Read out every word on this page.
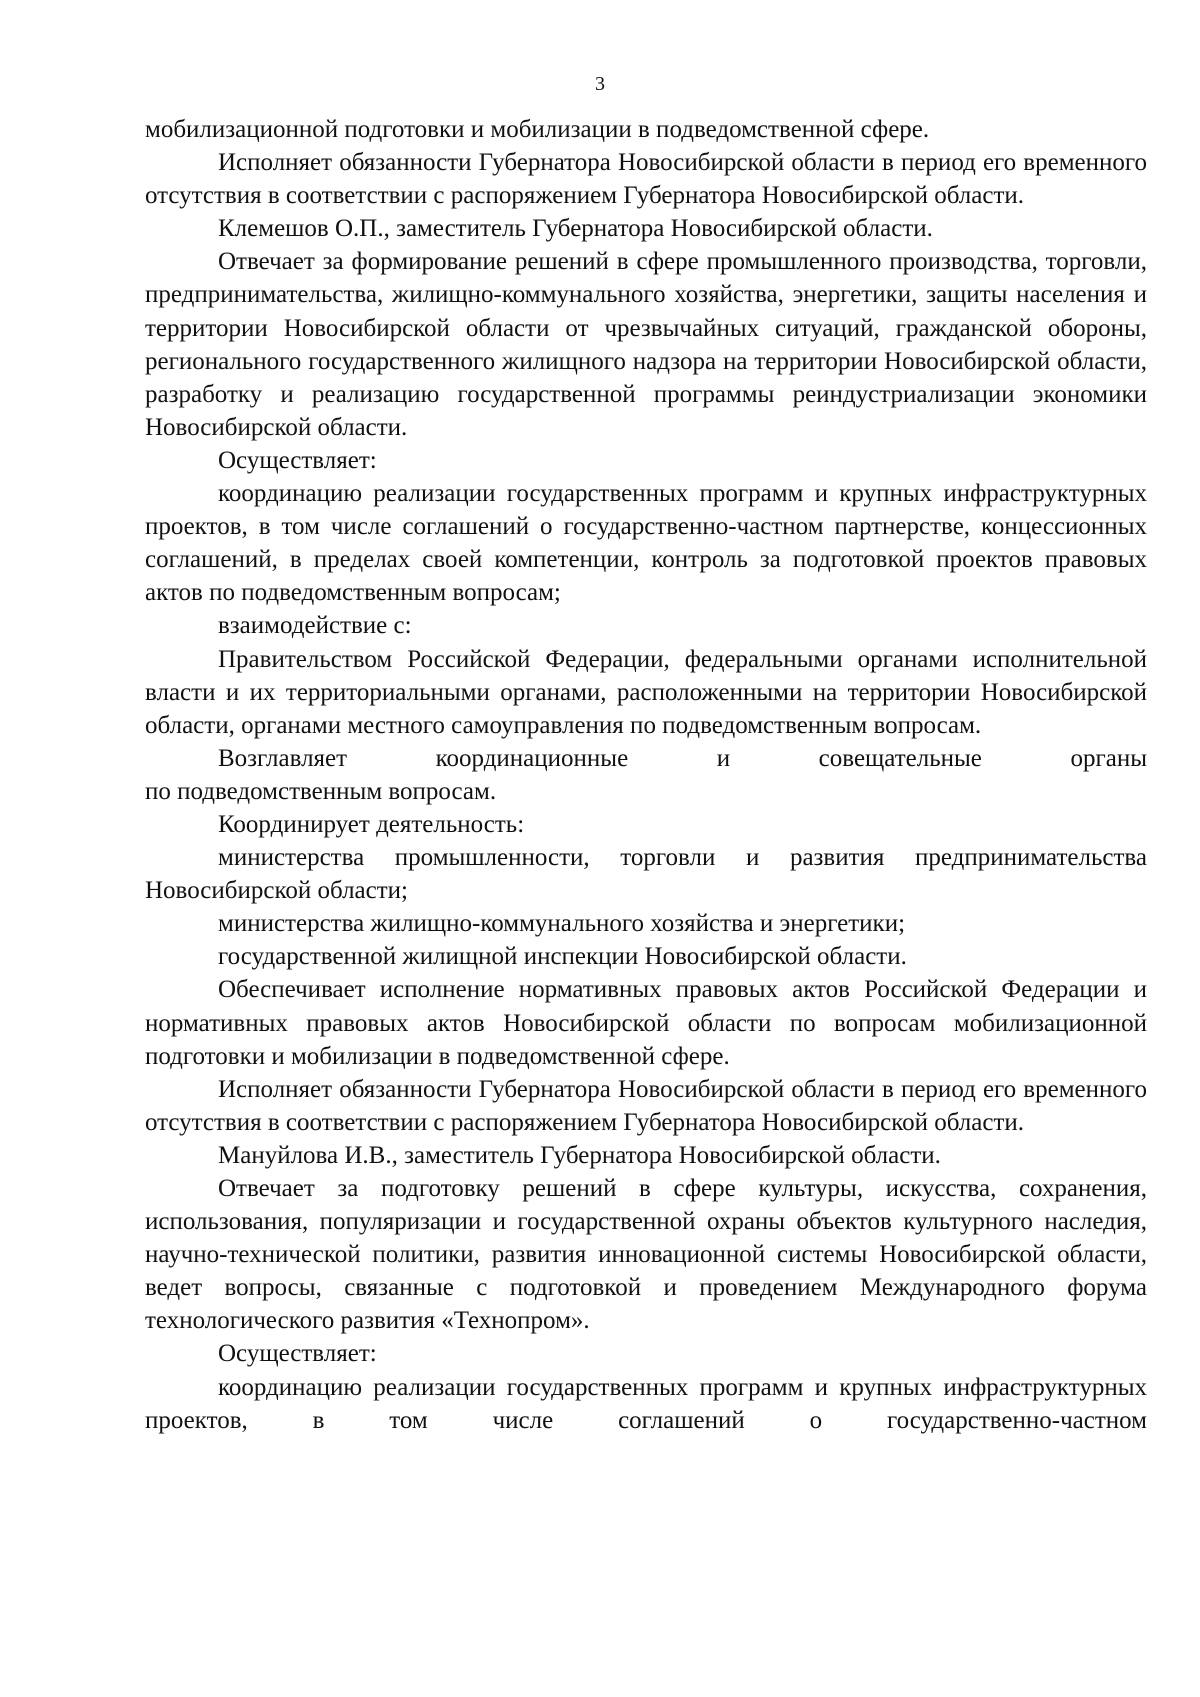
3

мобилизационной подготовки и мобилизации в подведомственной сфере.

Исполняет обязанности Губернатора Новосибирской области в период его временного отсутствия в соответствии с распоряжением Губернатора Новосибирской области.

Клемешов О.П., заместитель Губернатора Новосибирской области.

Отвечает за формирование решений в сфере промышленного производства, торговли, предпринимательства, жилищно-коммунального хозяйства, энергетики, защиты населения и территории Новосибирской области от чрезвычайных ситуаций, гражданской обороны, регионального государственного жилищного надзора на территории Новосибирской области, разработку и реализацию государственной программы реиндустриализации экономики Новосибирской области.

Осуществляет:

координацию реализации государственных программ и крупных инфраструктурных проектов, в том числе соглашений о государственно-частном партнерстве, концессионных соглашений, в пределах своей компетенции, контроль за подготовкой проектов правовых актов по подведомственным вопросам;

взаимодействие с:

Правительством Российской Федерации, федеральными органами исполнительной власти и их территориальными органами, расположенными на территории Новосибирской области, органами местного самоуправления по подведомственным вопросам.

Возглавляет координационные и совещательные органы

по подведомственным вопросам.

Координирует деятельность:

министерства промышленности, торговли и развития предпринимательства Новосибирской области;

министерства жилищно-коммунального хозяйства и энергетики;

государственной жилищной инспекции Новосибирской области.

Обеспечивает исполнение нормативных правовых актов Российской Федерации и нормативных правовых актов Новосибирской области по вопросам мобилизационной подготовки и мобилизации в подведомственной сфере.

Исполняет обязанности Губернатора Новосибирской области в период его временного отсутствия в соответствии с распоряжением Губернатора Новосибирской области.

Мануйлова И.В., заместитель Губернатора Новосибирской области.

Отвечает за подготовку решений в сфере культуры, искусства, сохранения, использования, популяризации и государственной охраны объектов культурного наследия, научно-технической политики, развития инновационной системы Новосибирской области, ведет вопросы, связанные с подготовкой и проведением Международного форума технологического развития «Технопром».

Осуществляет:

координацию реализации государственных программ и крупных инфраструктурных проектов, в том числе соглашений о государственно-частном
